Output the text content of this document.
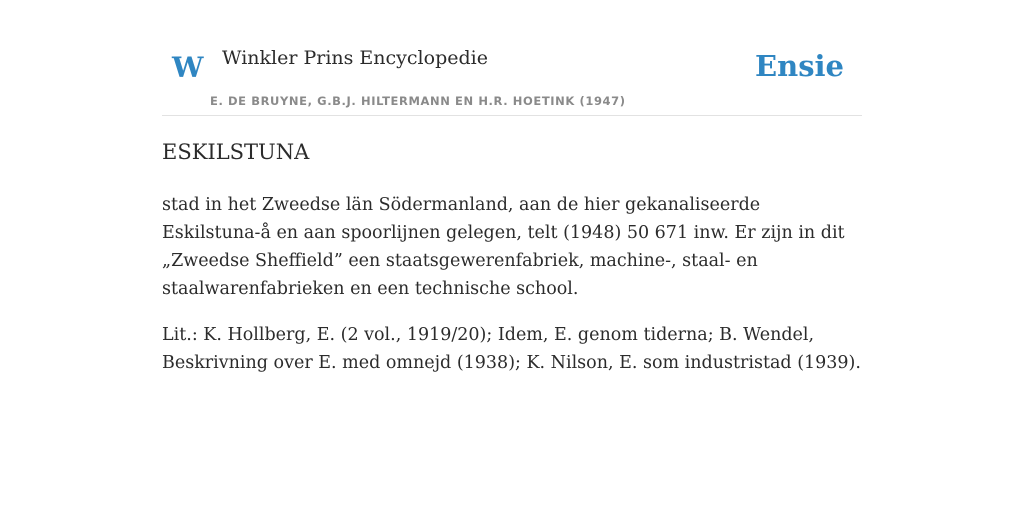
W Winkler Prins Encyclopedie
E. DE BRUYNE, G.B.J. HILTERMANN EN H.R. HOETINK (1947)
Ensie
ESKILSTUNA

stad in het Zweedse län Södermanland, aan de hier gekanaliseerde Eskilstuna-å en aan spoorlijnen gelegen, telt (1948) 50 671 inw. Er zijn in dit „Zweedse Sheffield” een staatsgewerenfabriek, machine-, staal- en staalwarenfabrieken en een technische school.

Lit.: K. Hollberg, E. (2 vol., 1919/20); Idem, E. genom tiderna; B. Wendel, Beskrivning over E. med omnejd (1938); K. Nilson, E. som industristad (1939).
